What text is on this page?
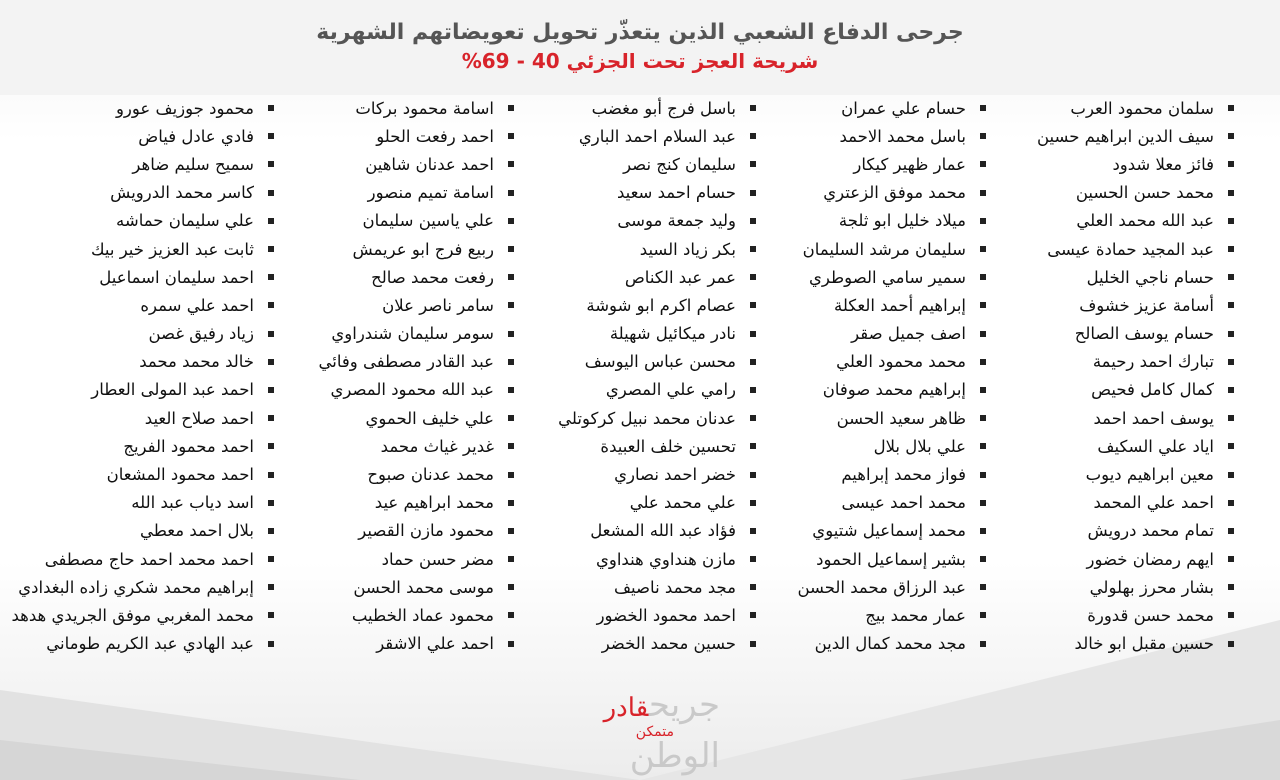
جرحى الدفاع الشعبي الذين يتعذّر تحويل تعويضاتهم الشهرية
شريحة العجز تحت الجزئي 40 - 69%
سلمان محمود العرب
سيف الدين ابراهيم حسين
فائز معلا شدود
محمد حسن الحسين
عبد الله محمد العلي
عبد المجيد حمادة عيسى
حسام ناجي الخليل
أسامة عزيز خشوف
حسام يوسف الصالح
تبارك احمد رحيمة
كمال كامل فحيص
يوسف احمد احمد
اياد علي السكيف
معين ابراهيم ديوب
احمد علي المحمد
تمام محمد درويش
ايهم رمضان خضور
بشار محرز بهلولي
محمد حسن قدورة
حسين مقبل ابو خالد
حسام علي عمران
باسل محمد الاحمد
عمار ظهير كيكار
محمد موفق الزعتري
ميلاد خليل ابو ثلجة
سليمان مرشد السليمان
سمير سامي الصوطري
إبراهيم أحمد العكلة
اصف جميل صقر
محمد محمود العلي
إبراهيم محمد صوفان
ظاهر سعيد الحسن
علي بلال بلال
فواز محمد إبراهيم
محمد احمد عيسى
محمد إسماعيل شتيوي
بشير إسماعيل الحمود
عبد الرزاق محمد الحسن
عمار محمد بيج
مجد محمد كمال الدين
باسل فرج أبو مغضب
عبد السلام احمد الباري
سليمان كنج نصر
حسام احمد سعيد
وليد جمعة موسى
بكر زياد السيد
عمر عبد الكناص
عصام اكرم ابو شوشة
نادر ميكائيل شهيلة
محسن عباس اليوسف
رامي علي المصري
عدنان محمد نبيل كركوتلي
تحسين خلف العبيدة
خضر احمد نصاري
علي محمد علي
فؤاد عبد الله المشعل
مازن هنداوي هنداوي
مجد محمد ناصيف
احمد محمود الخضور
حسين محمد الخضر
اسامة محمود بركات
احمد رفعت الحلو
احمد عدنان شاهين
اسامة تميم منصور
علي ياسين سليمان
ربيع فرج ابو عريمش
رفعت محمد صالح
سامر ناصر علان
سومر سليمان شندراوي
عبد القادر مصطفى وفائي
عبد الله محمود المصري
علي خليف الحموي
غدير غياث محمد
محمد عدنان صبوح
محمد ابراهيم عيد
محمود مازن القصير
مضر حسن حماد
موسى محمد الحسن
محمود عماد الخطيب
احمد علي الاشقر
محمود جوزيف عورو
فادي عادل فياض
سميح سليم ضاهر
كاسر محمد الدرويش
علي سليمان حماشه
ثابت عبد العزيز خير بيك
احمد سليمان اسماعيل
احمد علي سمره
زياد رفيق غصن
خالد محمد محمد
احمد عبد المولى العطار
احمد صلاح العيد
احمد محمود الفريج
احمد محمود المشعان
اسد دياب عبد الله
بلال احمد معطي
احمد محمد احمد حاج مصطفى
إبراهيم محمد شكري زاده البغدادي
محمد المغربي موفق الجريدي هدهد
عبد الهادي عبد الكريم طوماني
جريحقادر
متمكن
الوطن
